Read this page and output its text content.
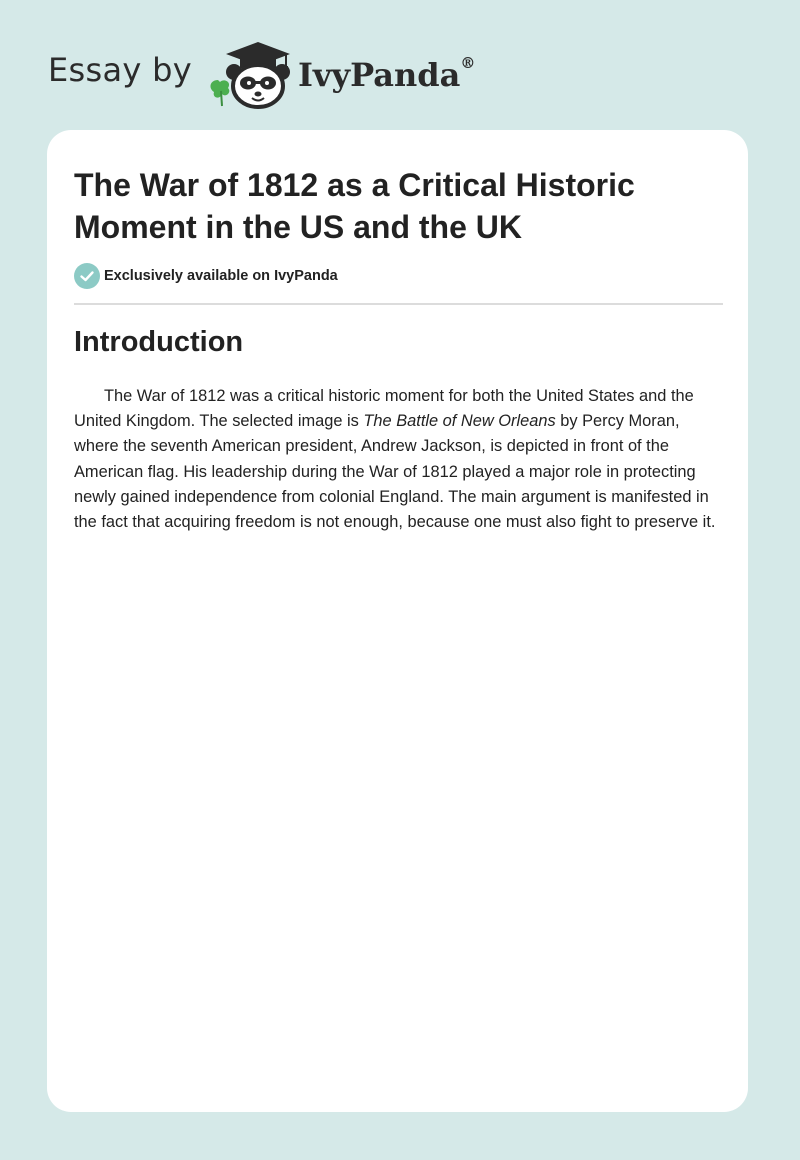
Essay by	IvyPanda®
The War of 1812 as a Critical Historic Moment in the US and the UK
Exclusively available on IvyPanda
Introduction

The War of 1812 was a critical historic moment for both the United States and the United Kingdom. The selected image is The Battle of New Orleans by Percy Moran, where the seventh American president, Andrew Jackson, is depicted in front of the American flag. His leadership during the War of 1812 played a major role in protecting newly gained independence from colonial England. The main argument is manifested in the fact that acquiring freedom is not enough, because one must also fight to preserve it.
